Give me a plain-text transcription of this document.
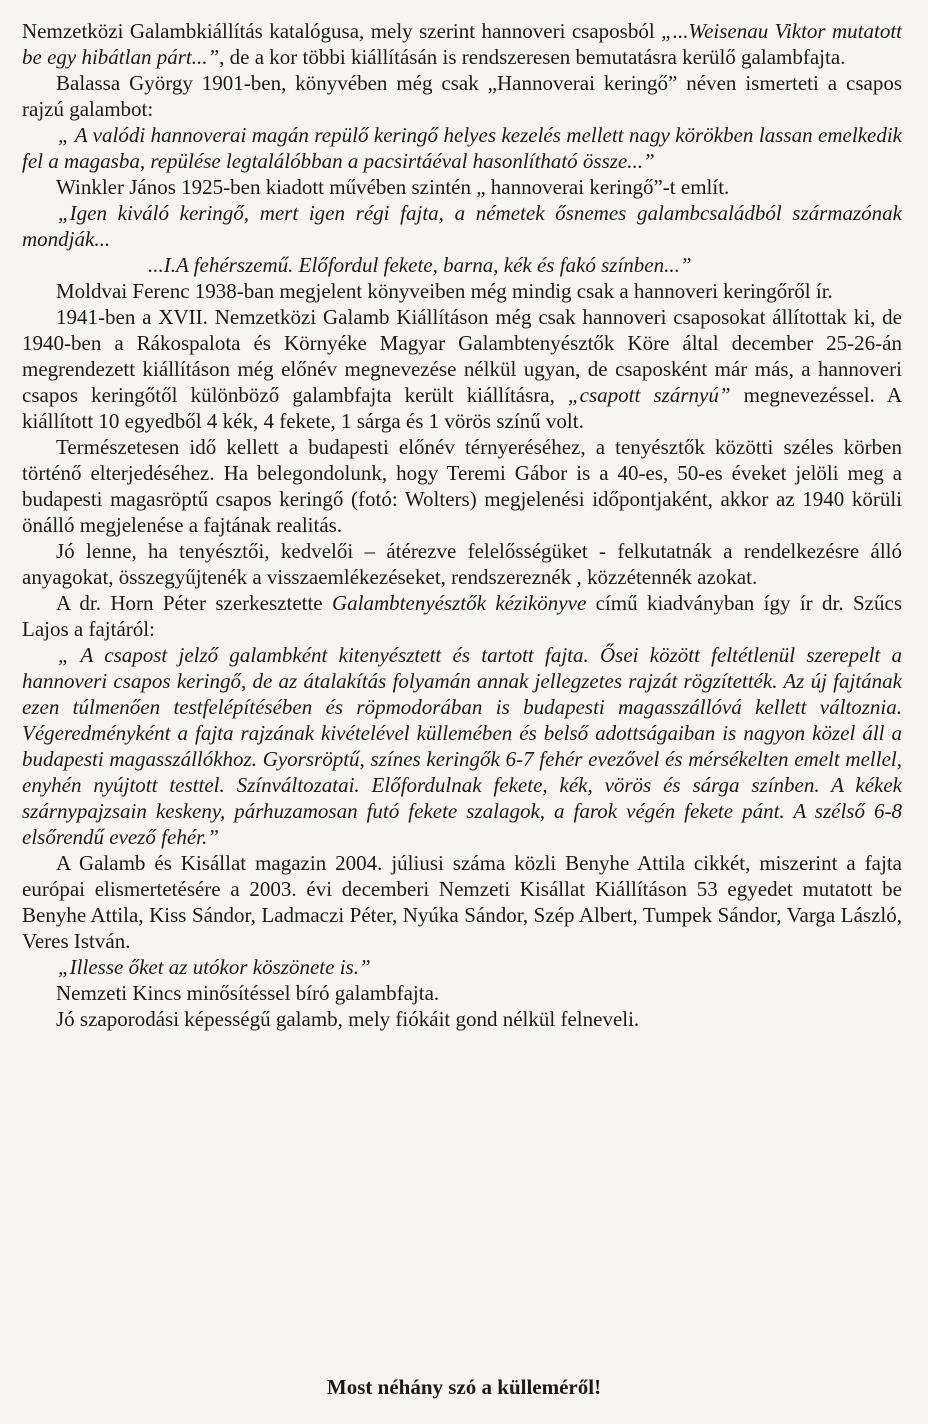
Nemzetközi Galambkiállítás katalógusa, mely szerint hannoveri csaposból „...Weisenau Viktor mutatott be egy hibátlan párt...”, de a kor többi kiállításán is rendszeresen bemutatásra kerülő galambfajta.

Balassa György 1901-ben, könyvében még csak „Hannoverai keringő” néven ismerteti a csapos rajzú galambot:

„ A valódi hannoverai magán repülő keringő helyes kezelés mellett nagy körökben lassan emelkedik fel a magasba, repülése legtalálóbban a pacsirtáéval hasonlítható össze...”

Winkler János 1925-ben kiadott művében szintén „ hannoverai keringő”-t említ.

„Igen kiváló keringő, mert igen régi fajta, a németek ősnemes galambcsaládból származónak mondják...

...I.A fehérszemű. Előfordul fekete, barna, kék és fakó színben...”

Moldvai Ferenc 1938-ban megjelent könyveiben még mindig csak a hannoveri keringőről ír.

1941-ben a XVII. Nemzetközi Galamb Kiállításon még csak hannoveri csaposokat állítottak ki, de 1940-ben a Rákospalota és Környéke Magyar Galambtenyésztők Köre által december 25-26-án megrendezett kiállításon még előnév megnevezése nélkül ugyan, de csaposként már más, a hannoveri csapos keringőtől különböző galambfajta került kiállításra, „csapott szárnyú” megnevezéssel. A kiállított 10 egyedből 4 kék, 4 fekete, 1 sárga és 1 vörös színű volt.

Természetesen idő kellett a budapesti előnév térnyeréséhez, a tenyésztők közötti széles körben történő elterjedéséhez. Ha belegondolunk, hogy Teremi Gábor is a 40-es, 50-es éveket jelöli meg a budapesti magasröptű csapos keringő (fotó: Wolters) megjelenési időpontjaként, akkor az 1940 körüli önálló megjelenése a fajtának realitás.

Jó lenne, ha tenyésztői, kedvelői – átérezve felelősségüket - felkutatnák a rendelkezésre álló anyagokat, összegyűjtenék a visszaemlékezéseket, rendszereznék , közzétennék azokat.

A dr. Horn Péter szerkesztette Galambtenyésztők kézikönyve című kiadványban így ír dr. Szűcs Lajos a fajtáról:

„ A csapost jelző galambként kitenyésztett és tartott fajta. Ősei között feltétlenül szerepelt a hannoveri csapos keringő, de az átalakítás folyamán annak jellegzetes rajzát rögzítették. Az új fajtának ezen túlmenően testfelépítésében és röpmodorában is budapesti magasszállóvá kellett változnia. Végeredményként a fajta rajzának kivételével küllemében és belső adottságaiban is nagyon közel áll a budapesti magasszállókhoz. Gyorsröptű, színes keringők 6-7 fehér evezővel és mérsékelten emelt mellel, enyhén nyújtott testtel. Színváltozatai. Előfordulnak fekete, kék, vörös és sárga színben. A kékek szárnypajzsain keskeny, párhuzamosan futó fekete szalagok, a farok végén fekete pánt. A szélső 6-8 elsőrendű evező fehér.”

A Galamb és Kisállat magazin 2004. júliusi száma közli Benyhe Attila cikkét, miszerint a fajta európai elismertetésére a 2003. évi decemberi Nemzeti Kisállat Kiállításon 53 egyedet mutatott be Benyhe Attila, Kiss Sándor, Ladmaczi Péter, Nyúka Sándor, Szép Albert, Tumpek Sándor, Varga László, Veres István.

„Illesse őket az utókor köszönete is.”

Nemzeti Kincs minősítéssel bíró galambfajta.

Jó szaporodási képességű galamb, mely fiókáit gond nélkül felneveli.

Most néhány szó a külleméről!
